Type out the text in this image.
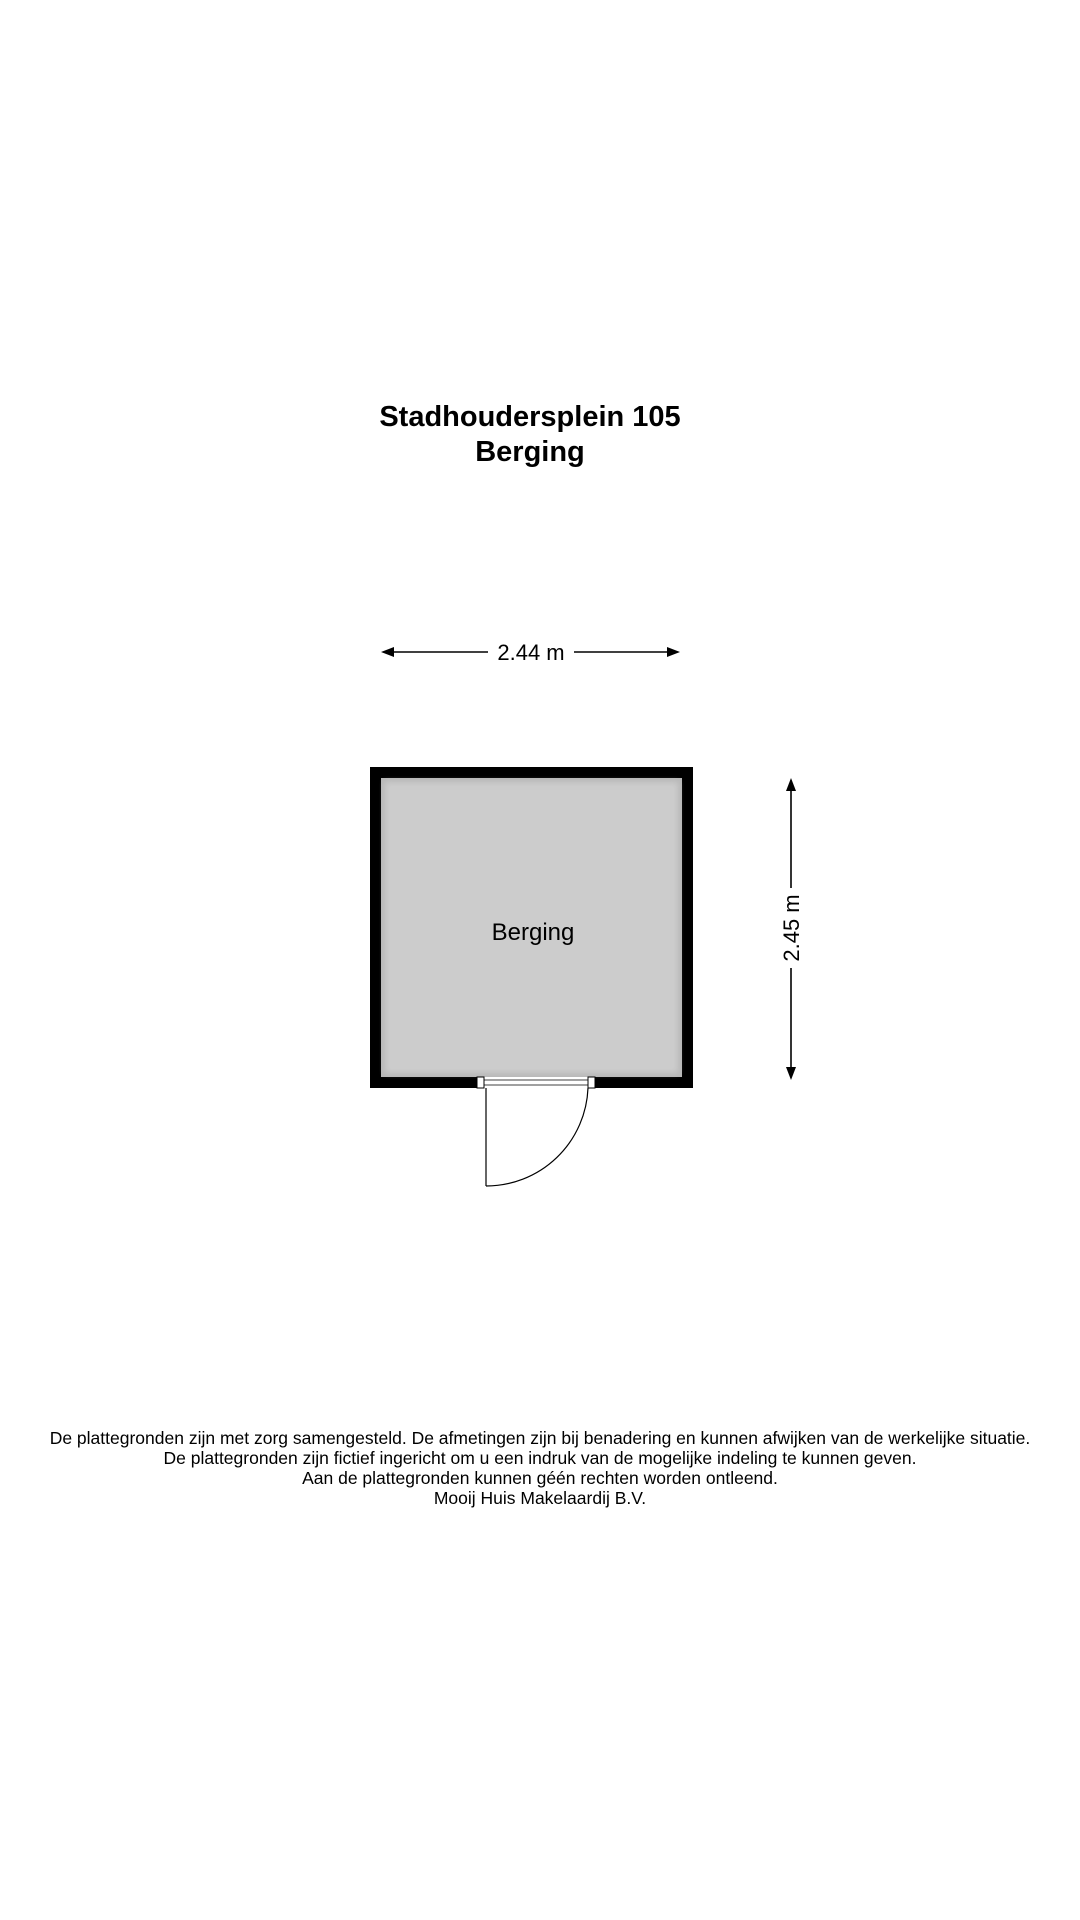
Stadhoudersplein 105
Berging
2.44 m
2.45 m
Berging
De plattegronden zijn met zorg samengesteld. De afmetingen zijn bij benadering en kunnen afwijken van de werkelijke situatie.
De plattegronden zijn fictief ingericht om u een indruk van de mogelijke indeling te kunnen geven.
Aan de plattegronden kunnen géén rechten worden ontleend.
Mooij Huis Makelaardij B.V.
